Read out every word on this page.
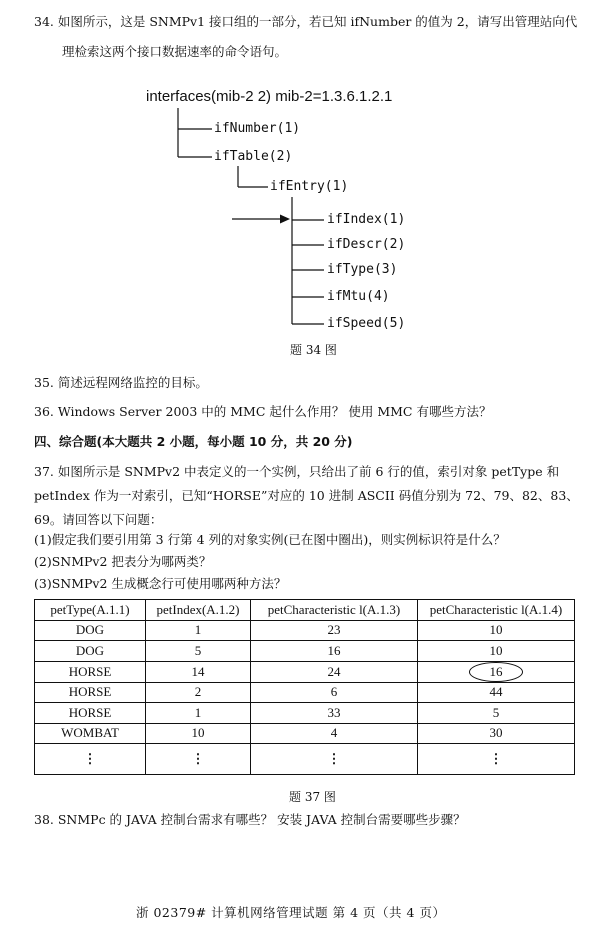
34. 如图所示，这是 SNMPv1 接口组的一部分，若已知 ifNumber 的值为 2，请写出管理站向代
理检索这两个接口数据速率的命令语句。
interfaces(mib-2 2) mib-2=1.3.6.1.2.1
ifNumber(1)
ifTable(2)
ifEntry(1)
ifIndex(1)
ifDescr(2)
ifType(3)
ifMtu(4)
ifSpeed(5)
题 34 图
35. 简述远程网络监控的目标。
36. Windows Server 2003 中的 MMC 起什么作用？ 使用 MMC 有哪些方法？
四、综合题(本大题共 2 小题，每小题 10 分，共 20 分)
37. 如图所示是 SNMPv2 中表定义的一个实例，只给出了前 6 行的值，索引对象 petType 和
petIndex 作为一对索引，已知“HORSE”对应的 10 进制 ASCII 码值分别为 72、79、82、83、
69。请回答以下问题：
(1)假定我们要引用第 3 行第 4 列的对象实例(已在图中圈出)，则实例标识符是什么？
(2)SNMPv2 把表分为哪两类？
(3)SNMPv2 生成概念行可使用哪两种方法？
petType(A.1.1)	petIndex(A.1.2)	petCharacteristic l(A.1.3)	petCharacteristic l(A.1.4)
DOG	1	23	10
DOG	5	16	10
HORSE	14	24	16
HORSE	2	6	44
HORSE	1	33	5
WOMBAT	10	4	30
⋮	⋮	⋮	⋮
题 37 图
38. SNMPc 的 JAVA 控制台需求有哪些？ 安装 JAVA 控制台需要哪些步骤？
浙 02379# 计算机网络管理试题 第 4 页（共 4 页）
